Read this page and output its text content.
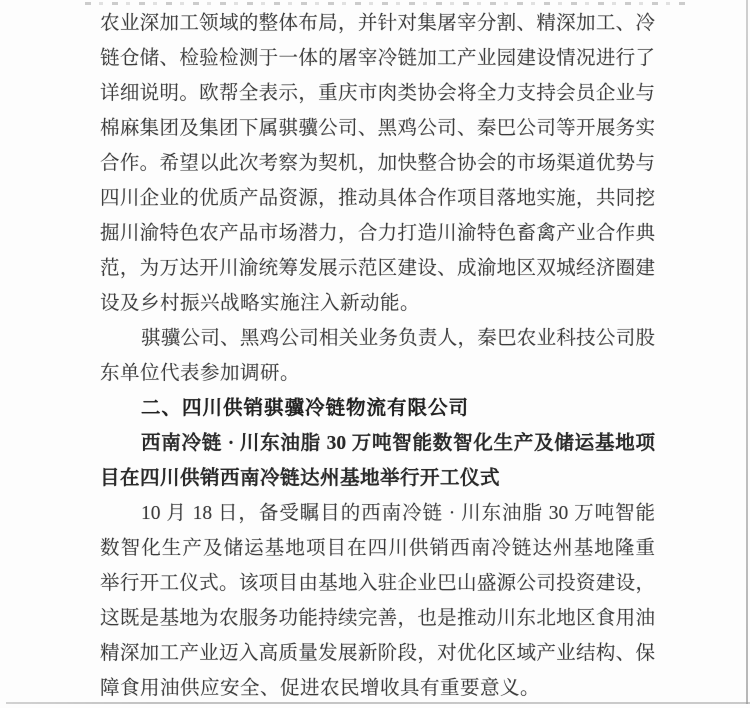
农业深加工领域的整体布局，并针对集屠宰分割、精深加工、冷
链仓储、检验检测于一体的屠宰冷链加工产业园建设情况进行了
详细说明。欧帮全表示，重庆市肉类协会将全力支持会员企业与
棉麻集团及集团下属骐骥公司、黑鸡公司、秦巴公司等开展务实
合作。希望以此次考察为契机，加快整合协会的市场渠道优势与
四川企业的优质产品资源，推动具体合作项目落地实施，共同挖
掘川渝特色农产品市场潜力，合力打造川渝特色畜禽产业合作典
范，为万达开川渝统筹发展示范区建设、成渝地区双城经济圈建
设及乡村振兴战略实施注入新动能。
骐骥公司、黑鸡公司相关业务负责人，秦巴农业科技公司股
东单位代表参加调研。
二、四川供销骐骥冷链物流有限公司
西南冷链 · 川东油脂 30 万吨智能数智化生产及储运基地项
目在四川供销西南冷链达州基地举行开工仪式
10 月 18 日，备受瞩目的西南冷链 · 川东油脂 30 万吨智能
数智化生产及储运基地项目在四川供销西南冷链达州基地隆重
举行开工仪式。该项目由基地入驻企业巴山盛源公司投资建设，
这既是基地为农服务功能持续完善，也是推动川东北地区食用油
精深加工产业迈入高质量发展新阶段，对优化区域产业结构、保
障食用油供应安全、促进农民增收具有重要意义。
